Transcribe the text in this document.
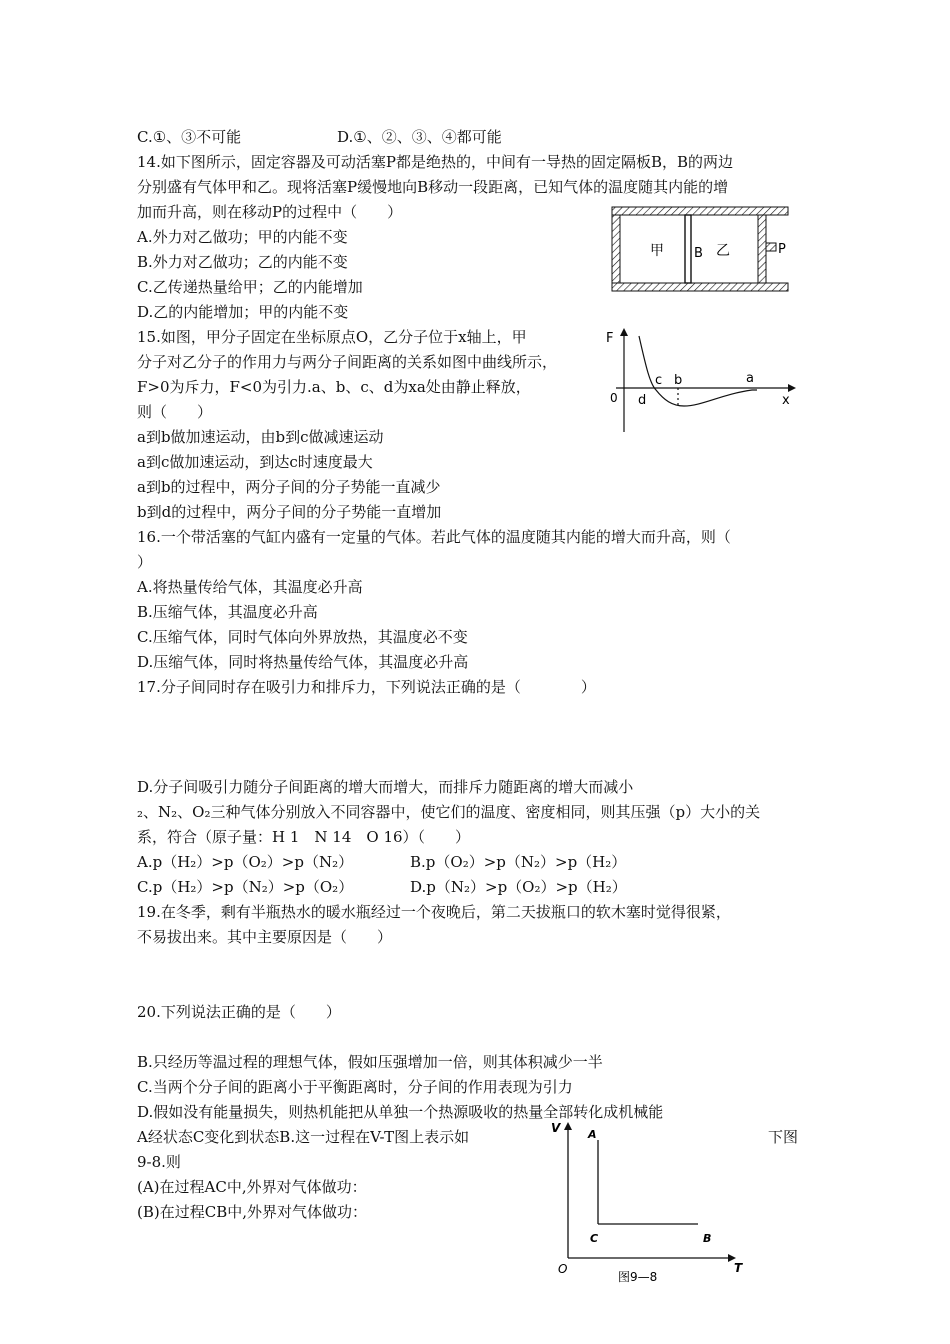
C.①、③不可能	D.①、②、③、④都可能
14.如下图所示，固定容器及可动活塞P都是绝热的，中间有一导热的固定隔板B，B的两边
分别盛有气体甲和乙。现将活塞P缓慢地向B移动一段距离，已知气体的温度随其内能的增
加而升高，则在移动P的过程中（　　）
A.外力对乙做功；甲的内能不变
B.外力对乙做功；乙的内能不变
C.乙传递热量给甲；乙的内能增加
D.乙的内能增加；甲的内能不变
15.如图，甲分子固定在坐标原点O，乙分子位于x轴上，甲
分子对乙分子的作用力与两分子间距离的关系如图中曲线所示，
F>0为斥力，F<0为引力.a、b、c、d为xa处由静止释放，
则（　　）
a到b做加速运动，由b到c做减速运动
a到c做加速运动，到达c时速度最大
a到b的过程中，两分子间的分子势能一直减少
b到d的过程中，两分子间的分子势能一直增加
16.一个带活塞的气缸内盛有一定量的气体。若此气体的温度随其内能的增大而升高，则（
）
A.将热量传给气体，其温度必升高
B.压缩气体，其温度必升高
C.压缩气体，同时气体向外界放热，其温度必不变
D.压缩气体，同时将热量传给气体，其温度必升高
17.分子间同时存在吸引力和排斥力，下列说法正确的是（　　　　）
D.分子间吸引力随分子间距离的增大而增大，而排斥力随距离的增大而减小
₂、N₂、O₂三种气体分别放入不同容器中，使它们的温度、密度相同，则其压强（p）大小的关
系，符合（原子量：H 1　N 14　O 16）（　　）
A.p（H₂）>p（O₂）>p（N₂）	B.p（O₂）>p（N₂）>p（H₂）
C.p（H₂）>p（N₂）>p（O₂）	D.p（N₂）>p（O₂）>p（H₂）
19.在冬季，剩有半瓶热水的暖水瓶经过一个夜晚后，第二天拔瓶口的软木塞时觉得很紧，
不易拔出来。其中主要原因是（　　）
20.下列说法正确的是（　　）
B.只经历等温过程的理想气体，假如压强增加一倍，则其体积减少一半
C.当两个分子间的距离小于平衡距离时，分子间的作用表现为引力
D.假如没有能量损失，则热机能把从单独一个热源吸收的热量全部转化成机械能
A经状态C变化到状态B.这一过程在V-T图上表示如	下图
9-8.则
(A)在过程AC中,外界对气体做功：
(B)在过程CB中,外界对气体做功：
甲 B 乙	P
F
0	x
a
b
c
d
V
T
O
A
C	B
图9—8
